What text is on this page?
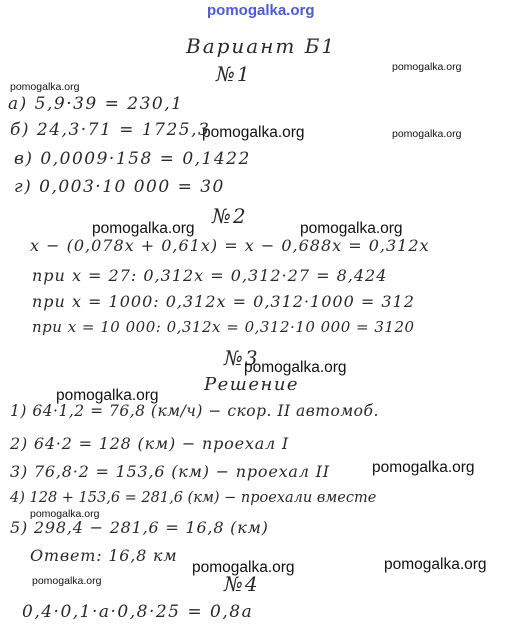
pomogalka.org
Вариант Б1
№1
а) 5,9·39 = 230,1
б) 24,3·71 = 1725,3
в) 0,0009·158 = 0,1422
г) 0,003·10 000 = 30
№2
x − (0,078x + 0,61x) = x − 0,688x = 0,312x
при x = 27: 0,312x = 0,312·27 = 8,424
при x = 1000: 0,312x = 0,312·1000 = 312
при x = 10 000: 0,312x = 0,312·10 000 = 3120
№3
Решение
1) 64·1,2 = 76,8 (км/ч) − скор. II автомоб.
2) 64·2 = 128 (км) − проехал I
3) 76,8·2 = 153,6 (км) − проехал II
4) 128 + 153,6 = 281,6 (км) − проехали вместе
5) 298,4 − 281,6 = 16,8 (км)
Ответ: 16,8 км
№4
0,4·0,1·a·0,8·25 = 0,8a
pomogalka.org
pomogalka.org
pomogalka.org	pomogalka.org
pomogalka.org	pomogalka.org
pomogalka.org
pomogalka.org
pomogalka.org
pomogalka.org
pomogalka.org	pomogalka.org
pomogalka.org
